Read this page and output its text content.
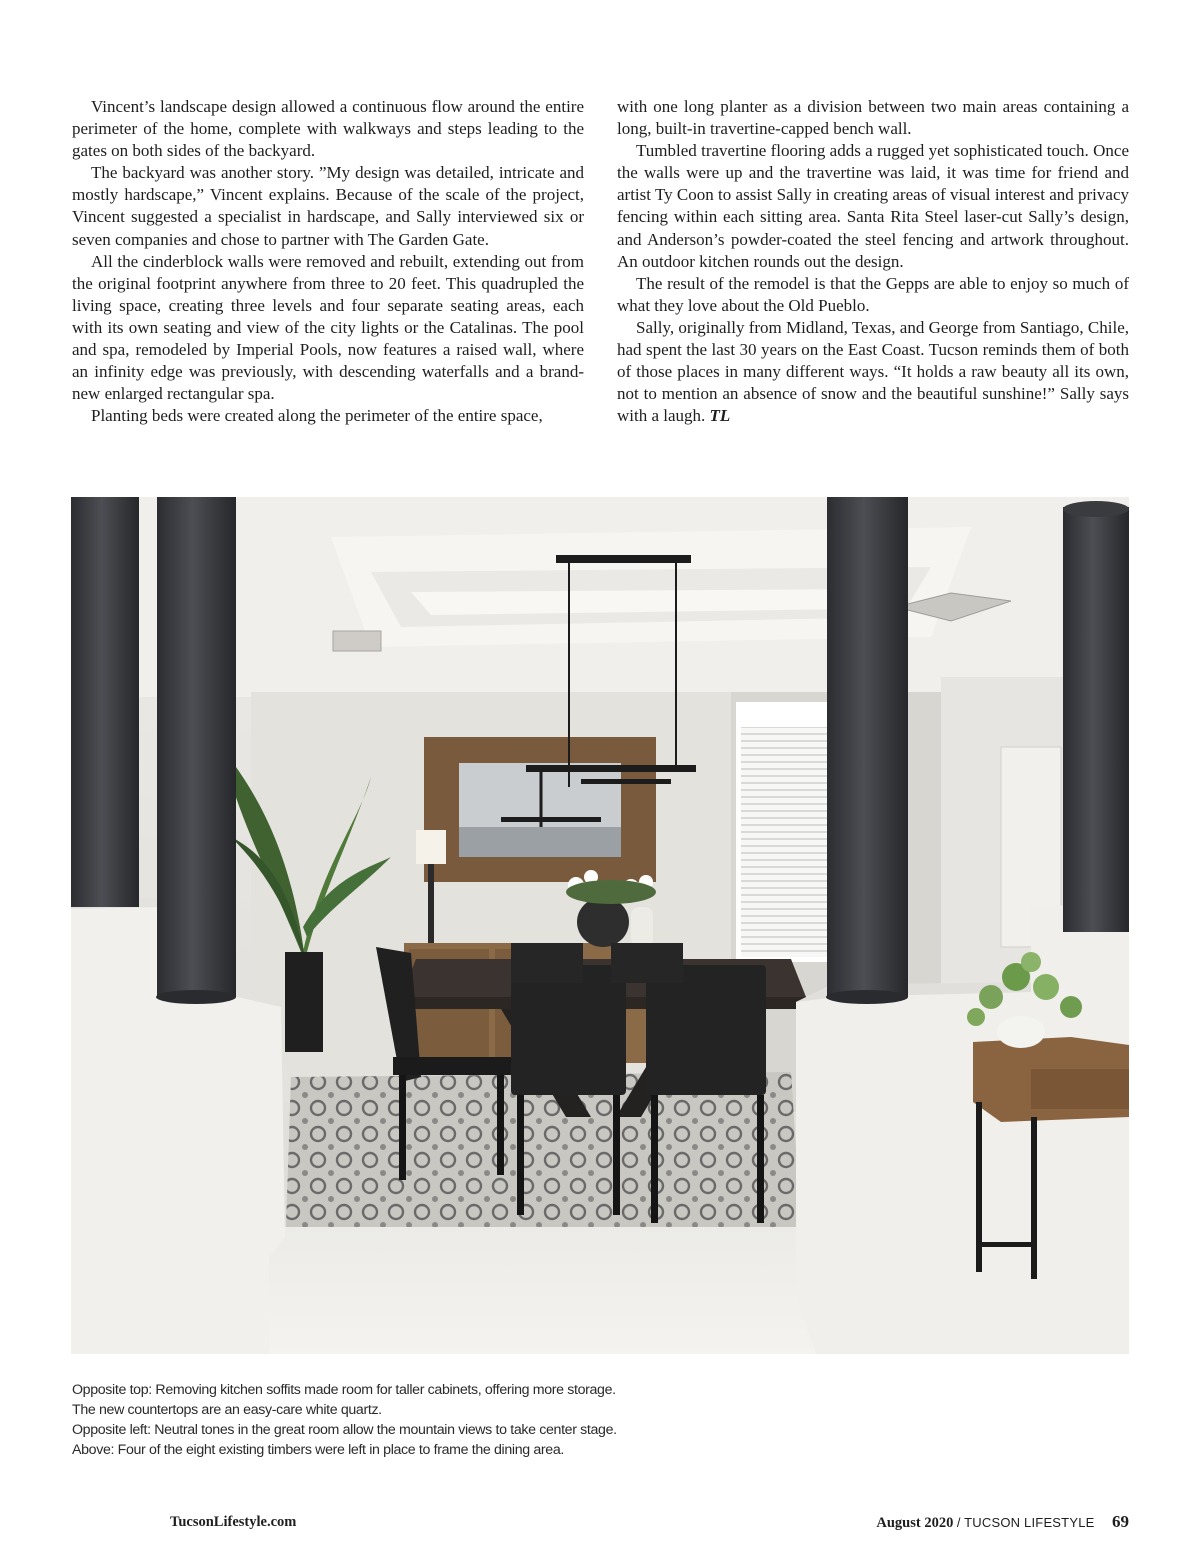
Vincent’s landscape design allowed a continuous flow around the entire perimeter of the home, complete with walkways and steps leading to the gates on both sides of the backyard.

The backyard was another story. ”My design was detailed, intricate and mostly hardscape,” Vincent explains. Because of the scale of the project, Vincent suggested a specialist in hardscape, and Sally interviewed six or seven companies and chose to partner with The Garden Gate.

All the cinderblock walls were removed and rebuilt, extending out from the original footprint anywhere from three to 20 feet. This quadrupled the living space, creating three levels and four separate seating areas, each with its own seating and view of the city lights or the Catalinas. The pool and spa, remodeled by Imperial Pools, now features a raised wall, where an infinity edge was previously, with descending waterfalls and a brand-new enlarged rectangular spa.

Planting beds were created along the perimeter of the entire space,

with one long planter as a division between two main areas containing a long, built-in travertine-capped bench wall.

Tumbled travertine flooring adds a rugged yet sophisticated touch. Once the walls were up and the travertine was laid, it was time for friend and artist Ty Coon to assist Sally in creating areas of visual interest and privacy fencing within each sitting area. Santa Rita Steel laser-cut Sally’s design, and Anderson’s powder-coated the steel fencing and artwork throughout. An outdoor kitchen rounds out the design.

The result of the remodel is that the Gepps are able to enjoy so much of what they love about the Old Pueblo.

Sally, originally from Midland, Texas, and George from Santiago, Chile, had spent the last 30 years on the East Coast. Tucson reminds them of both of those places in many different ways. “It holds a raw beauty all its own, not to mention an absence of snow and the beautiful sunshine!” Sally says with a laugh. TL

Opposite top: Removing kitchen soffits made room for taller cabinets, offering more storage.
The new countertops are an easy-care white quartz.
Opposite left: Neutral tones in the great room allow the mountain views to take center stage.
Above: Four of the eight existing timbers were left in place to frame the dining area.
TucsonLifestyle.com	August 2020 / TUCSON LIFESTYLE 69
